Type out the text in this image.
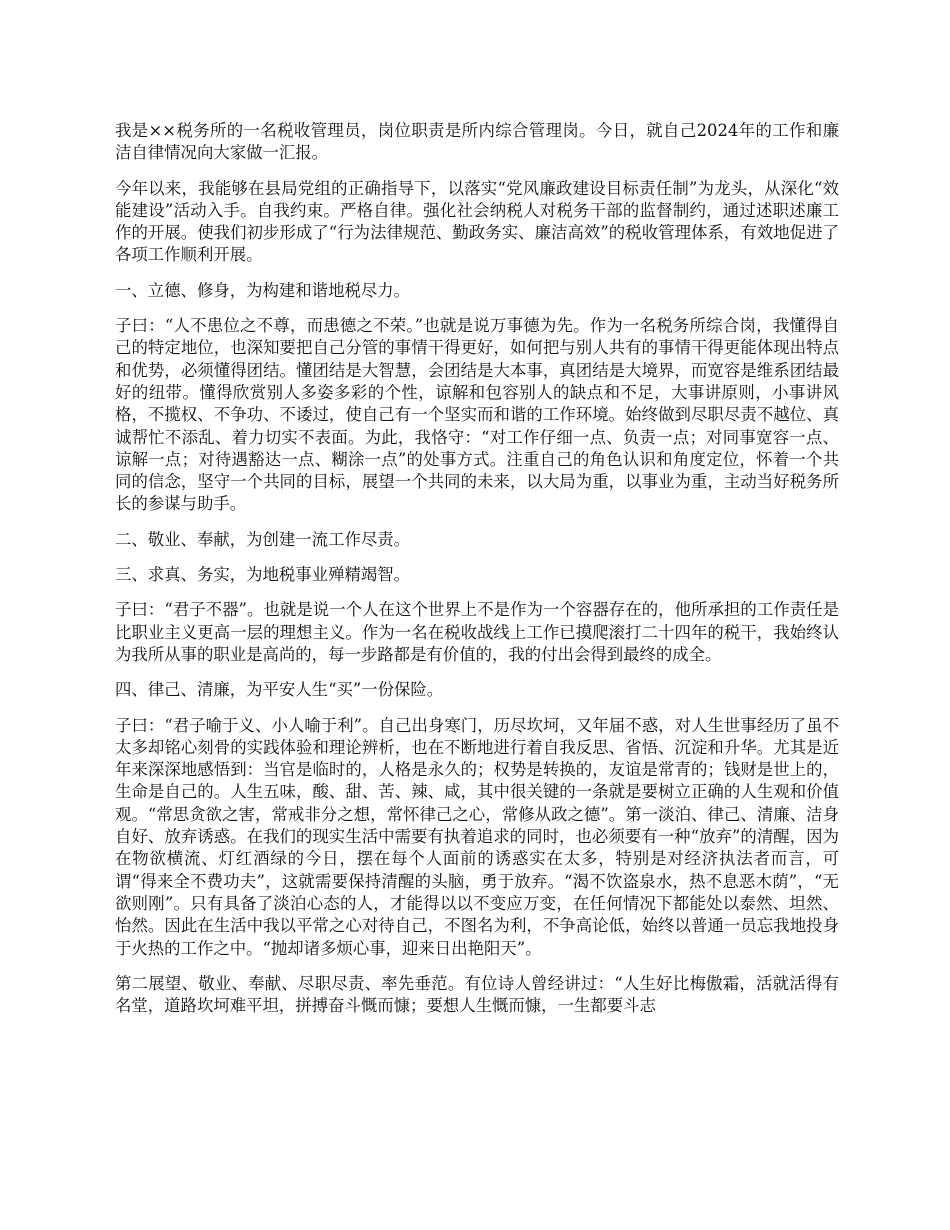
我是××税务所的一名税收管理员，岗位职责是所内综合管理岗。今日，就自己2024年的工作和廉洁自律情况向大家做一汇报。

今年以来，我能够在县局党组的正确指导下，以落实“党风廉政建设目标责任制”为龙头，从深化“效能建设”活动入手。自我约束。严格自律。强化社会纳税人对税务干部的监督制约，通过述职述廉工作的开展。使我们初步形成了“行为法律规范、勤政务实、廉洁高效”的税收管理体系，有效地促进了各项工作顺利开展。

一、立德、修身，为构建和谐地税尽力。

子曰：“人不患位之不尊，而患德之不荣。”也就是说万事德为先。作为一名税务所综合岗，我懂得自己的特定地位，也深知要把自己分管的事情干得更好，如何把与别人共有的事情干得更能体现出特点和优势，必须懂得团结。懂团结是大智慧，会团结是大本事，真团结是大境界，而宽容是维系团结最好的纽带。懂得欣赏别人多姿多彩的个性，谅解和包容别人的缺点和不足，大事讲原则，小事讲风格，不揽权、不争功、不诿过，使自己有一个坚实而和谐的工作环境。始终做到尽职尽责不越位、真诚帮忙不添乱、着力切实不表面。为此，我恪守：“对工作仔细一点、负责一点；对同事宽容一点、谅解一点；对待遇豁达一点、糊涂一点”的处事方式。注重自己的角色认识和角度定位，怀着一个共同的信念，坚守一个共同的目标，展望一个共同的未来，以大局为重，以事业为重，主动当好税务所长的参谋与助手。

二、敬业、奉献，为创建一流工作尽责。

三、求真、务实，为地税事业殚精竭智。

子曰：“君子不器”。也就是说一个人在这个世界上不是作为一个容器存在的，他所承担的工作责任是比职业主义更高一层的理想主义。作为一名在税收战线上工作已摸爬滚打二十四年的税干，我始终认为我所从事的职业是高尚的，每一步路都是有价值的，我的付出会得到最终的成全。

四、律己、清廉，为平安人生“买”一份保险。

子曰：“君子喻于义、小人喻于利”。自己出身寒门，历尽坎坷，又年届不惑，对人生世事经历了虽不太多却铭心刻骨的实践体验和理论辨析，也在不断地进行着自我反思、省悟、沉淀和升华。尤其是近年来深深地感悟到：当官是临时的，人格是永久的；权势是转换的，友谊是常青的；钱财是世上的，生命是自己的。人生五味，酸、甜、苦、辣、咸，其中很关键的一条就是要树立正确的人生观和价值观。“常思贪欲之害，常戒非分之想，常怀律己之心，常修从政之德”。第一淡泊、律己、清廉、洁身自好、放弃诱惑。在我们的现实生活中需要有执着追求的同时，也必须要有一种“放弃”的清醒，因为在物欲横流、灯红酒绿的今日，摆在每个人面前的诱惑实在太多，特别是对经济执法者而言，可谓“得来全不费功夫”，这就需要保持清醒的头脑，勇于放弃。“渴不饮盗泉水，热不息恶木荫”，“无欲则刚”。只有具备了淡泊心态的人，才能得以以不变应万变，在任何情况下都能处以泰然、坦然、怡然。因此在生活中我以平常之心对待自己，不图名为利，不争高论低，始终以普通一员忘我地投身于火热的工作之中。“抛却诸多烦心事，迎来日出艳阳天”。

第二展望、敬业、奉献、尽职尽责、率先垂范。有位诗人曾经讲过：“人生好比梅傲霜，活就活得有名堂，道路坎坷难平坦，拼搏奋斗慨而慷；要想人生慨而慷，一生都要斗志
